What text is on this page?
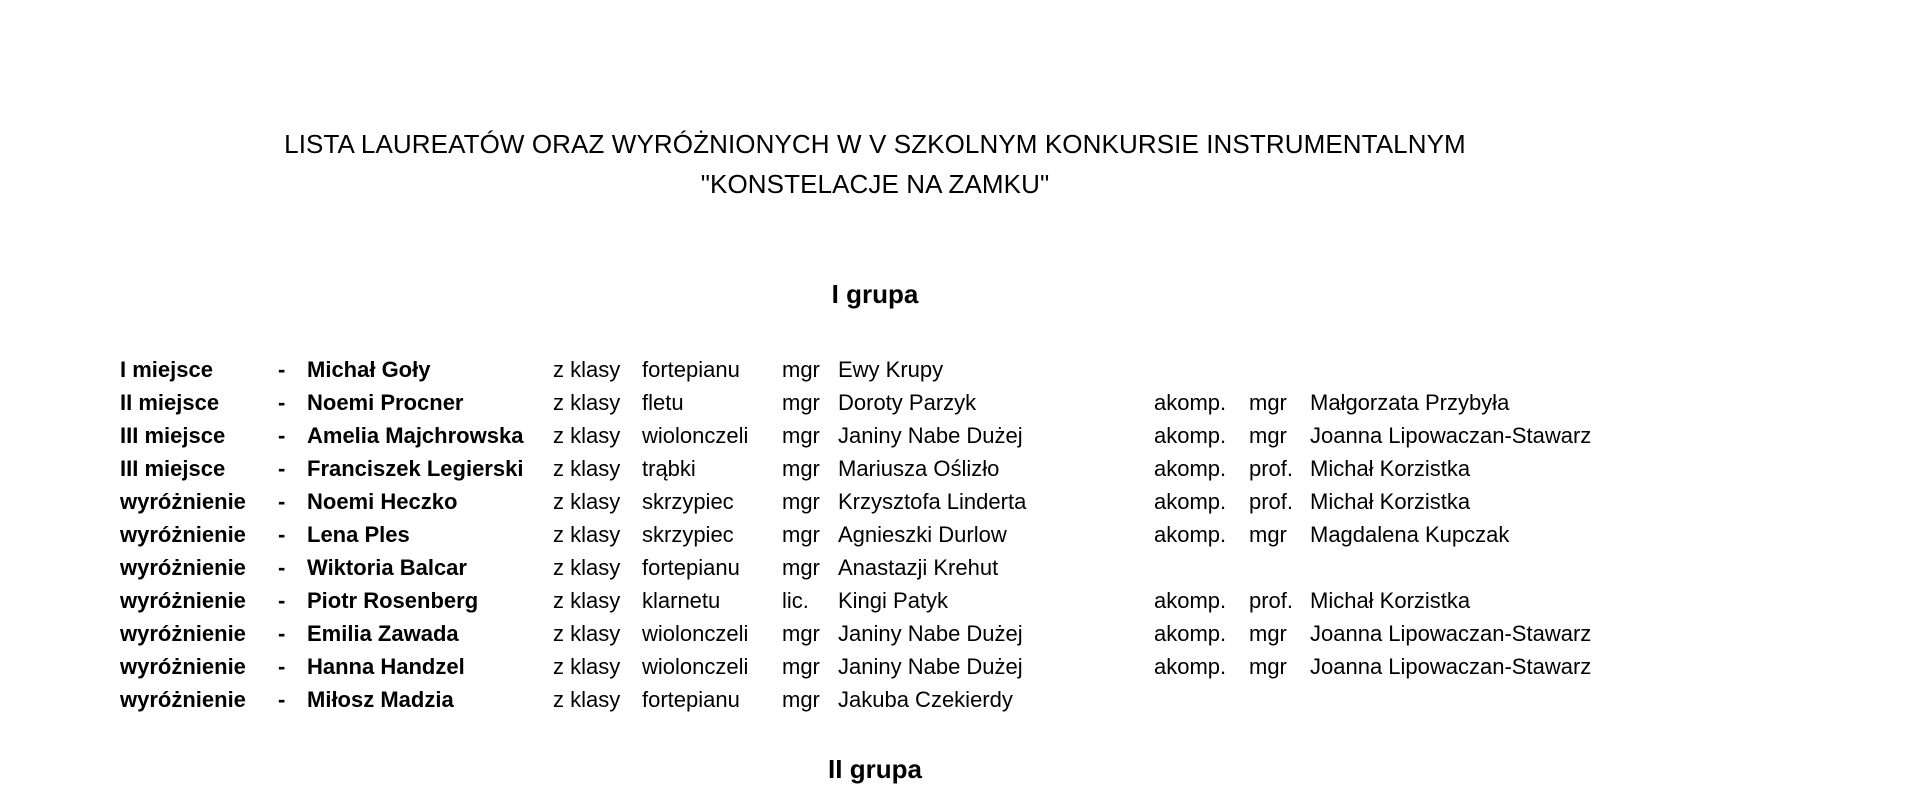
LISTA LAUREATÓW ORAZ WYRÓŻNIONYCH W V SZKOLNYM KONKURSIE INSTRUMENTALNYM
"KONSTELACJE NA ZAMKU"
I grupa
I miejsce	- Michał Goły	z klasy fortepianu mgr Ewy Krupy
II miejsce	- Noemi Procner	z klasy fletu	mgr Doroty Parzyk	akomp. mgr Małgorzata Przybyła
III miejsce - Amelia Majchrowska z klasy wiolonczeli mgr Janiny Nabe Dużej	akomp. mgr Joanna Lipowaczan-Stawarz
III miejsce - Franciszek Legierski z klasy trąbki	mgr Mariusza Oślizło	akomp. prof. Michał Korzistka
wyróżnienie - Noemi Heczko	z klasy skrzypiec mgr Krzysztofa Linderta	akomp. prof. Michał Korzistka
wyróżnienie - Lena Ples	z klasy skrzypiec mgr Agnieszki Durlow	akomp. mgr Magdalena Kupczak
wyróżnienie - Wiktoria Balcar	z klasy fortepianu mgr Anastazji Krehut
wyróżnienie - Piotr Rosenberg	z klasy klarnetu	lic. Kingi Patyk	akomp. prof. Michał Korzistka
wyróżnienie - Emilia Zawada	z klasy wiolonczeli mgr Janiny Nabe Dużej	akomp. mgr Joanna Lipowaczan-Stawarz
wyróżnienie - Hanna Handzel	z klasy wiolonczeli mgr Janiny Nabe Dużej	akomp. mgr Joanna Lipowaczan-Stawarz
wyróżnienie - Miłosz Madzia	z klasy fortepianu mgr Jakuba Czekierdy
II grupa
